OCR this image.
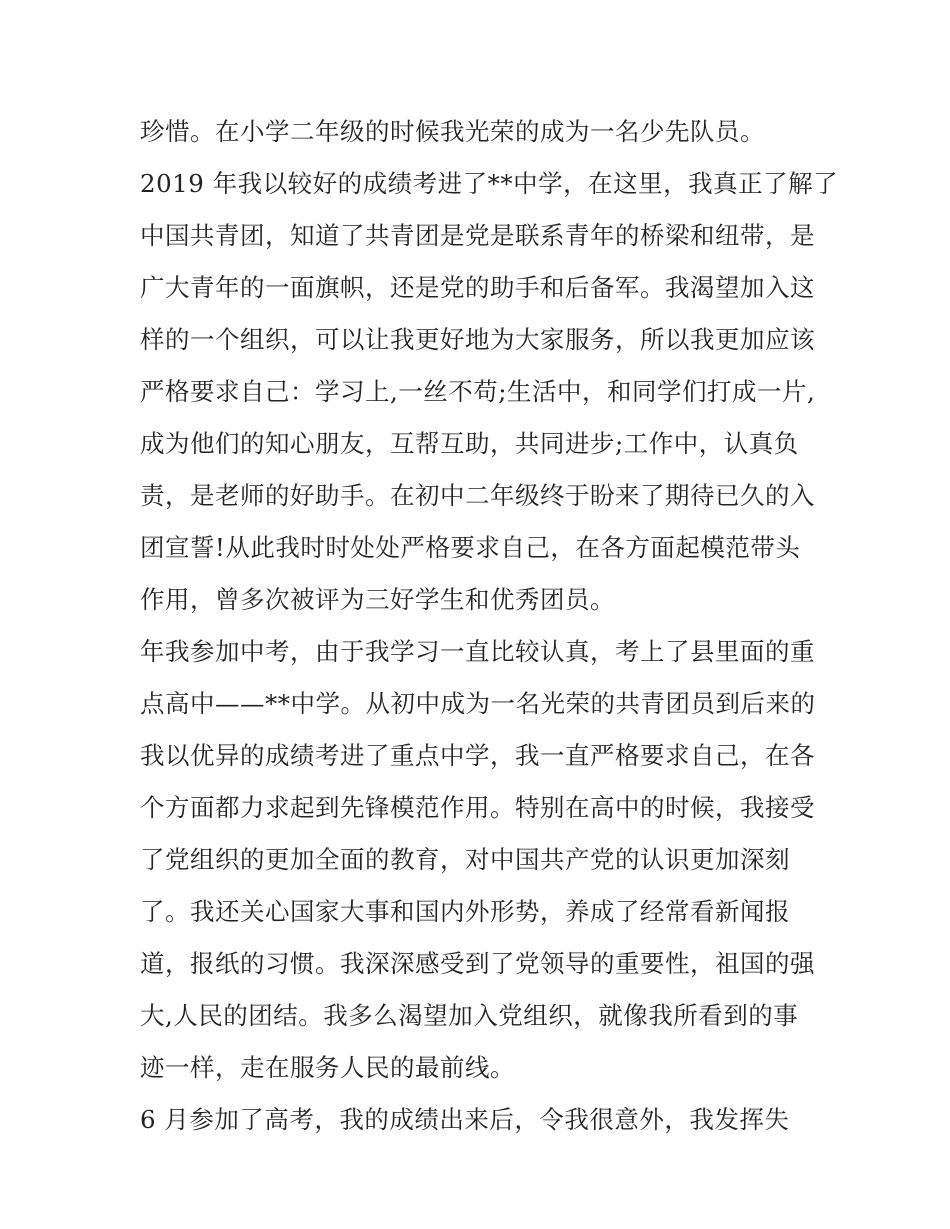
珍惜。在小学二年级的时候我光荣的成为一名少先队员。
2019 年我以较好的成绩考进了**中学，在这里，我真正了解了
中国共青团，知道了共青团是党是联系青年的桥梁和纽带，是
广大青年的一面旗帜，还是党的助手和后备军。我渴望加入这
样的一个组织，可以让我更好地为大家服务，所以我更加应该
严格要求自己：学习上,一丝不苟;生活中，和同学们打成一片,
成为他们的知心朋友，互帮互助，共同进步;工作中，认真负
责，是老师的好助手。在初中二年级终于盼来了期待已久的入
团宣誓!从此我时时处处严格要求自己，在各方面起模范带头
作用，曾多次被评为三好学生和优秀团员。
年我参加中考，由于我学习一直比较认真，考上了县里面的重
点高中——**中学。从初中成为一名光荣的共青团员到后来的
我以优异的成绩考进了重点中学，我一直严格要求自己，在各
个方面都力求起到先锋模范作用。特别在高中的时候，我接受
了党组织的更加全面的教育，对中国共产党的认识更加深刻
了。我还关心国家大事和国内外形势，养成了经常看新闻报
道，报纸的习惯。我深深感受到了党领导的重要性，祖国的强
大,人民的团结。我多么渴望加入党组织，就像我所看到的事
迹一样，走在服务人民的最前线。
6 月参加了高考，我的成绩出来后，令我很意外，我发挥失
